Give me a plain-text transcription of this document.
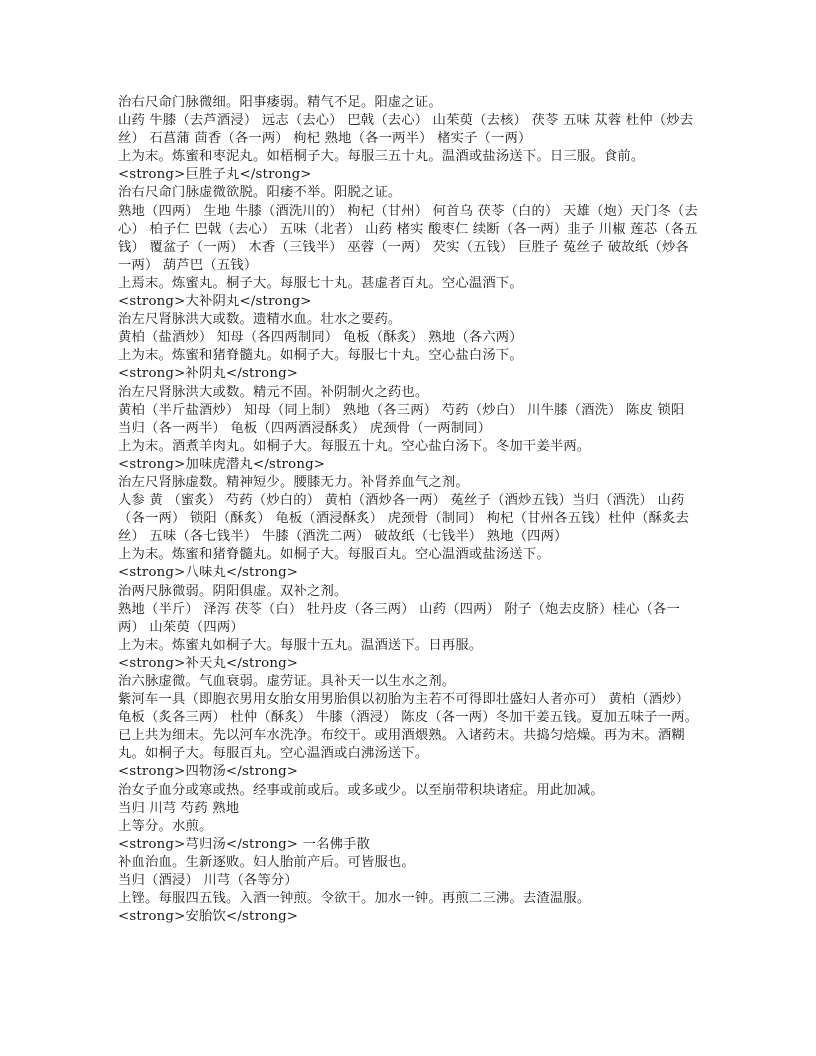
治右尺命门脉微细。阳事痿弱。精气不足。阳虚之证。

山药 牛膝（去芦酒浸） 远志（去心） 巴戟（去心） 山茱萸（去核） 茯苓 五味 苁蓉 杜仲（炒去丝） 石菖蒲 茴香（各一两） 枸杞 熟地（各一两半） 楮实子（一两）

上为末。炼蜜和枣泥丸。如梧桐子大。每服三五十丸。温酒或盐汤送下。日三服。食前。

<strong>巨胜子丸</strong>

治右尺命门脉虚微欲脱。阳痿不举。阳脱之证。

熟地（四两） 生地 牛膝（酒洗川的） 枸杞（甘州） 何首乌 茯苓（白的） 天雄（炮）天门冬（去心） 柏子仁 巴戟（去心） 五味（北者） 山药 楮实 酸枣仁 续断（各一两）韭子 川椒 莲芯（各五钱） 覆盆子（一两） 木香（三钱半） 巫蓉（一两） 芡实（五钱） 巨胜子 菟丝子 破故纸（炒各一两） 葫芦巴（五钱）

上焉末。炼蜜丸。桐子大。每服七十丸。甚虚者百丸。空心温酒下。

<strong>大补阴丸</strong>

治左尺肾脉洪大或数。遗精水血。壮水之要药。

黄柏（盐酒炒） 知母（各四两制同） 龟板（酥炙） 熟地（各六两）

上为末。炼蜜和猪脊髓丸。如桐子大。每服七十丸。空心盐白汤下。

<strong>补阴丸</strong>

治左尺肾脉洪大或数。精元不固。补阴制火之药也。

黄柏（半斤盐酒炒） 知母（同上制） 熟地（各三两） 芍药（炒白） 川牛膝（酒洗） 陈皮 锁阳 当归（各一两半） 龟板（四两酒浸酥炙） 虎颈骨（一两制同）

上为末。酒煮羊肉丸。如桐子大。每服五十丸。空心盐白汤下。冬加干姜半两。

<strong>加味虎潜丸</strong>

治左尺肾脉虚数。精神短少。腰膝无力。补肾养血气之剂。

人参 黄 （蜜炙） 芍药（炒白的） 黄柏（酒炒各一两） 菟丝子（酒炒五钱）当归（酒洗） 山药（各一两） 锁阳（酥炙） 龟板（酒浸酥炙） 虎颈骨（制同） 枸杞（甘州各五钱）杜仲（酥炙去丝） 五味（各七钱半） 牛膝（酒洗二两） 破故纸（七钱半） 熟地（四两）

上为末。炼蜜和猪脊髓丸。如桐子大。每服百丸。空心温酒或盐汤送下。

<strong>八味丸</strong>

治两尺脉微弱。阴阳俱虚。双补之剂。

熟地（半斤） 泽泻 茯苓（白） 牡丹皮（各三两） 山药（四两） 附子（炮去皮脐）桂心（各一两） 山茱萸（四两）

上为末。炼蜜丸如桐子大。每服十五丸。温酒送下。日再服。

<strong>补天丸</strong>

治六脉虚微。气血衰弱。虚劳证。具补天一以生水之剂。

紫河车一具（即胞衣男用女胎女用男胎俱以初胎为主若不可得即壮盛妇人者亦可） 黄柏（酒炒）龟板（炙各三两） 杜仲（酥炙） 牛膝（酒浸） 陈皮（各一两）冬加干姜五钱。夏加五味子一两。

已上共为细末。先以河车水洗净。布绞干。或用酒煨熟。入诸药末。共捣匀焙燥。再为末。酒糊丸。如桐子大。每服百丸。空心温酒或白沸汤送下。

<strong>四物汤</strong>

治女子血分或寒或热。经事或前或后。或多或少。以至崩带积块诸症。用此加减。

当归 川芎 芍药 熟地

上等分。水煎。

<strong>芎归汤</strong> 一名佛手散

补血治血。生新逐败。妇人胎前产后。可皆服也。

当归（酒浸） 川芎（各等分）

上锉。每服四五钱。入酒一钟煎。令欲干。加水一钟。再煎二三沸。去渣温服。

<strong>安胎饮</strong>
